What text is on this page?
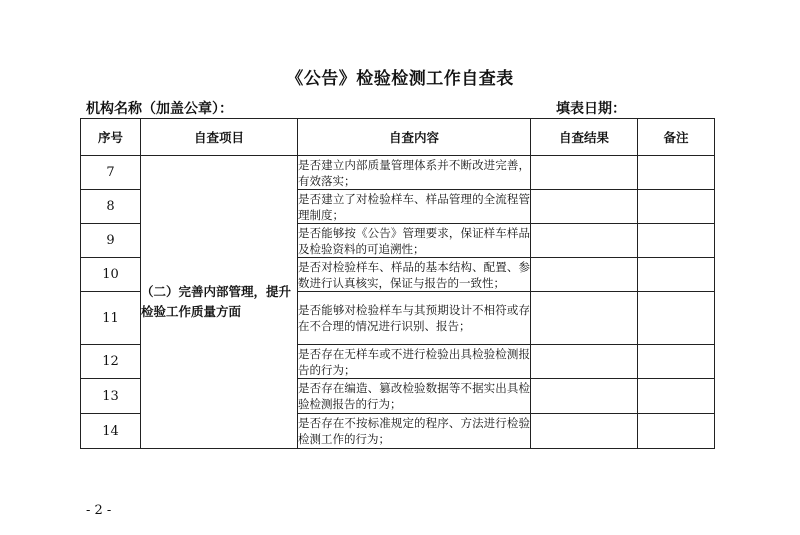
《公告》检验检测工作自查表
机构名称（加盖公章）：	填表日期：
序号	自查项目	自查内容	自查结果	备注
7	（二）完善内部管理，提升检验工作质量方面	是否建立内部质量管理体系并不断改进完善，有效落实；		
8		是否建立了对检验样车、样品管理的全流程管理制度；		
9		是否能够按《公告》管理要求，保证样车样品及检验资料的可追溯性；		
10		是否对检验样车、样品的基本结构、配置、参数进行认真核实，保证与报告的一致性；		
11		是否能够对检验样车与其预期设计不相符或存在不合理的情况进行识别、报告；		
12		是否存在无样车或不进行检验出具检验检测报告的行为；		
13		是否存在编造、篡改检验数据等不据实出具检验检测报告的行为；		
14		是否存在不按标准规定的程序、方法进行检验检测工作的行为；		
- 2 -
